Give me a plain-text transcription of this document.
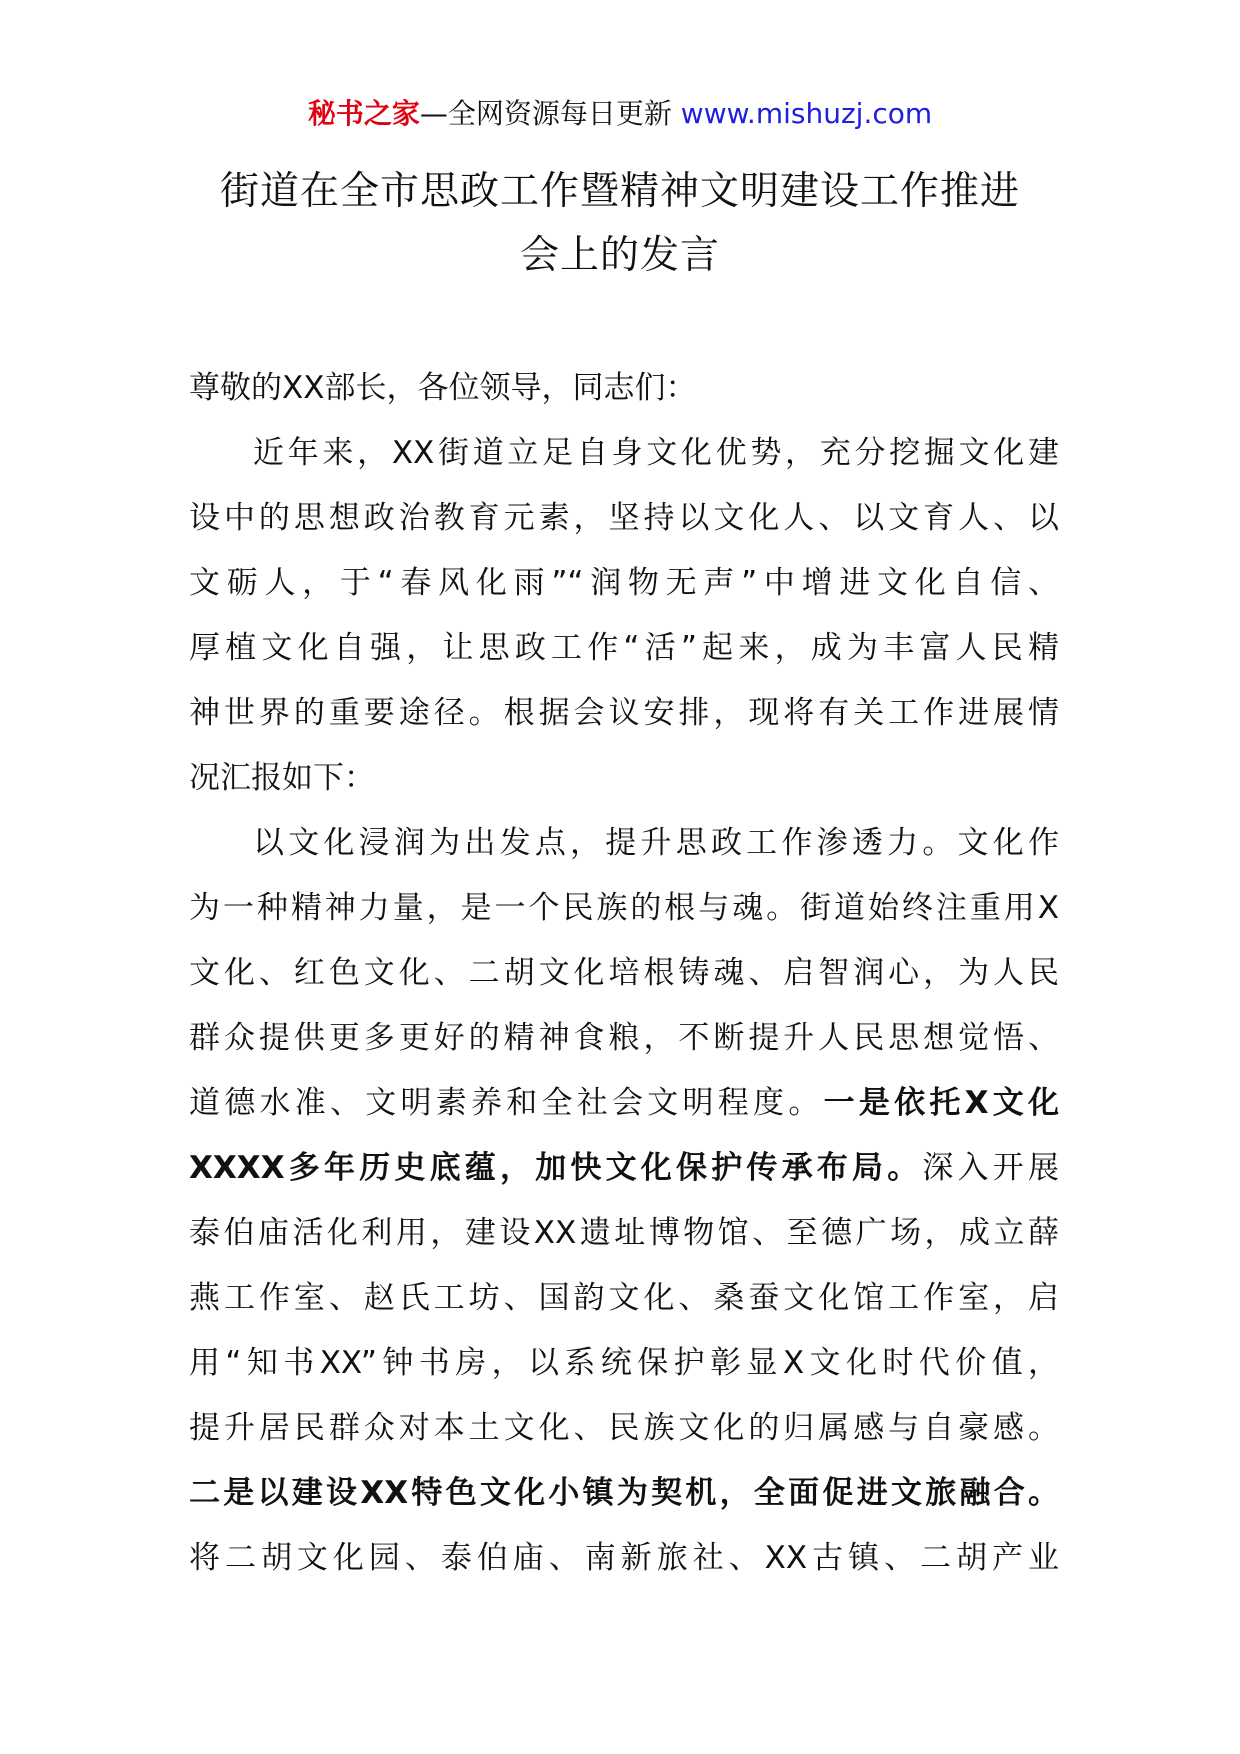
秘书之家—全网资源每日更新 www.mishuzj.com
街道在全市思政工作暨精神文明建设工作推进
会上的发言
尊敬的XX部长，各位领导，同志们：
近年来，XX街道立足自身文化优势，充分挖掘文化建
设中的思想政治教育元素，坚持以文化人、以文育人、以
文砺人，于“春风化雨”“润物无声”中增进文化自信、
厚植文化自强，让思政工作“活”起来，成为丰富人民精
神世界的重要途径。根据会议安排，现将有关工作进展情
况汇报如下：
以文化浸润为出发点，提升思政工作渗透力。文化作
为一种精神力量，是一个民族的根与魂。街道始终注重用X
文化、红色文化、二胡文化培根铸魂、启智润心，为人民
群众提供更多更好的精神食粮，不断提升人民思想觉悟、
道德水准、文明素养和全社会文明程度。一是依托X文化
XXXX多年历史底蕴，加快文化保护传承布局。深入开展
泰伯庙活化利用，建设XX遗址博物馆、至德广场，成立薛
燕工作室、赵氏工坊、国韵文化、桑蚕文化馆工作室，启
用“知书XX”钟书房，以系统保护彰显X文化时代价值，
提升居民群众对本土文化、民族文化的归属感与自豪感。
二是以建设XX特色文化小镇为契机，全面促进文旅融合。
将二胡文化园、泰伯庙、南新旅社、XX古镇、二胡产业
